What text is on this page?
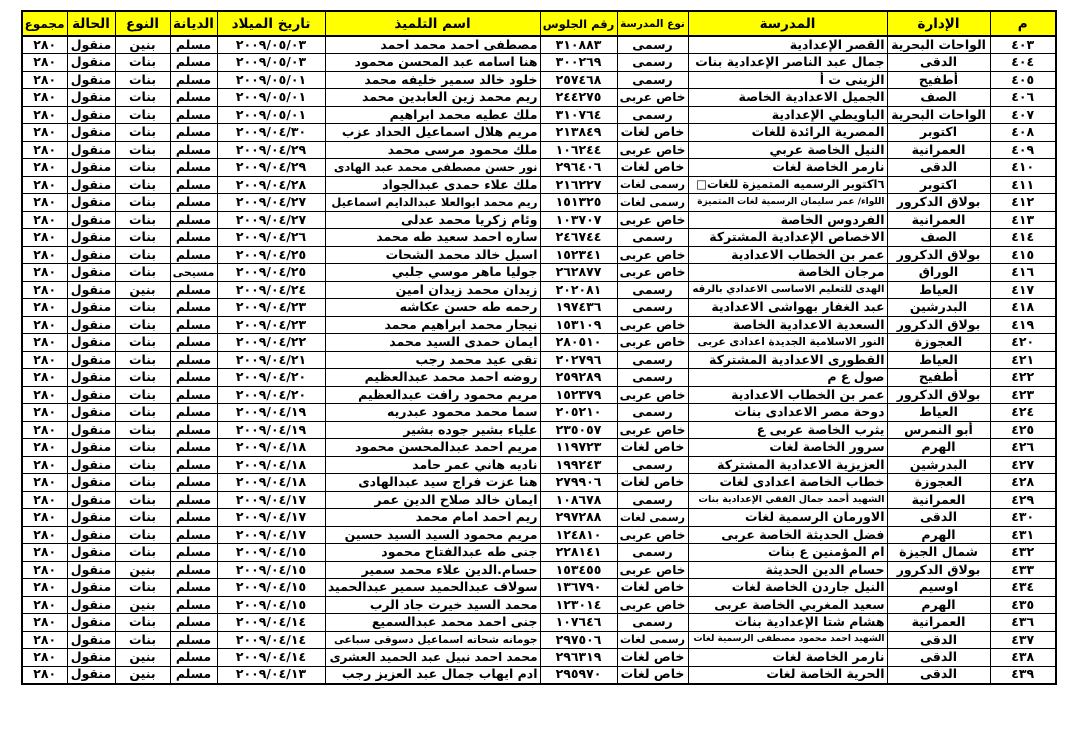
م	الإدارة	المدرسة	نوع المدرسة	رقم الجلوس	اسم التلميذ	تاريخ الميلاد	الديانة	النوع	الحالة	مجموع
٤٠٣	الواحات البحرية	القصر الإعدادية	رسمى	٣١٠٨٨٣	مصطفى احمد محمد احمد	٢٠٠٩/٠٥/٠٣	مسلم	بنين	منقول	٢٨٠
٤٠٤	الدقى	جمال عبد الناصر الإعدادية بنات	رسمى	٣٠٠٢٦٩	هنا اسامه عبد المحسن محمود	٢٠٠٩/٠٥/٠٣	مسلم	بنات	منقول	٢٨٠
٤٠٥	أطفيح	الزينى ت أ	رسمى	٢٥٧٤٦٨	خلود خالد سمير خليفه محمد	٢٠٠٩/٠٥/٠١	مسلم	بنات	منقول	٢٨٠
٤٠٦	الصف	الجميل الاعدادية الخاصة	خاص عربى	٢٤٤٢٧٥	ريم محمد زين العابدين محمد	٢٠٠٩/٠٥/٠١	مسلم	بنات	منقول	٢٨٠
٤٠٧	الواحات البحرية	الباويطي الإعدادية	رسمى	٣١٠٧٦٤	ملك عطيه محمد ابراهيم	٢٠٠٩/٠٥/٠١	مسلم	بنات	منقول	٢٨٠
٤٠٨	اكتوبر	المصرية الرائدة للغات	خاص لغات	٢١٣٨٤٩	مريم هلال اسماعيل الحداد عزب	٢٠٠٩/٠٤/٣٠	مسلم	بنات	منقول	٢٨٠
٤٠٩	العمرانية	النيل الخاصة عربي	خاص عربى	١٠٦٢٤٤	ملك محمود مرسى محمد	٢٠٠٩/٠٤/٢٩	مسلم	بنات	منقول	٢٨٠
٤١٠	الدقى	نارمر الخاصة لغات	خاص لغات	٢٩٦٤٠٦	نور حسن مصطفى محمد عبد الهادى	٢٠٠٩/٠٤/٢٩	مسلم	بنات	منقول	٢٨٠
٤١١	اكتوبر	٦اكتوبر الرسميه المتميزة للغات□	رسمى لغات	٢١٦٢٢٧	ملك علاء حمدى عبدالجواد	٢٠٠٩/٠٤/٢٨	مسلم	بنات	منقول	٢٨٠
٤١٢	بولاق الدكرور	اللواء/ عمر سليمان الرسمية لغات المتميزة	رسمى لغات	١٥١٣٢٥	ريم محمد ابوالعلا عبدالدايم اسماعيل	٢٠٠٩/٠٤/٢٧	مسلم	بنات	منقول	٢٨٠
٤١٣	العمرانية	الفردوس الخاصة	خاص عربى	١٠٣٧٠٧	وئام زكريا محمد عدلى	٢٠٠٩/٠٤/٢٧	مسلم	بنات	منقول	٢٨٠
٤١٤	الصف	الاخصاص الإعدادية المشتركة	رسمى	٢٤٦٧٤٤	ساره احمد سعيد طه محمد	٢٠٠٩/٠٤/٢٦	مسلم	بنات	منقول	٢٨٠
٤١٥	بولاق الدكرور	عمر بن الخطاب الاعدادية	خاص عربى	١٥٢٣٤١	اسيل خالد محمد الشحات	٢٠٠٩/٠٤/٢٥	مسلم	بنات	منقول	٢٨٠
٤١٦	الوراق	مرجان الخاصة	خاص عربى	٢٦٢٨٧٧	جوليا ماهر موسي جلبي	٢٠٠٩/٠٤/٢٥	مسيحى	بنات	منقول	٢٨٠
٤١٧	العياط	الهدى للتعليم الاساسى الاعدادي بالرقه	رسمى	٢٠٢٠٨١	زيدان محمد زيدان امين	٢٠٠٩/٠٤/٢٤	مسلم	بنين	منقول	٢٨٠
٤١٨	البدرشين	عبد الغفار بهواشى الاعدادية	رسمى	١٩٧٤٣٦	رحمه طه حسن عكاشه	٢٠٠٩/٠٤/٢٣	مسلم	بنات	منقول	٢٨٠
٤١٩	بولاق الدكرور	السعدية الاعدادية الخاصة	خاص عربى	١٥٣١٠٩	نيجار محمد ابراهيم محمد	٢٠٠٩/٠٤/٢٣	مسلم	بنات	منقول	٢٨٠
٤٢٠	العجوزة	النور الاسلامية الجديدة اعدادى عربى	خاص عربى	٢٨٠٥١٠	ايمان حمدى السيد محمد	٢٠٠٩/٠٤/٢٢	مسلم	بنات	منقول	٢٨٠
٤٢١	العياط	القطورى الاعدادية المشتركة	رسمى	٢٠٢٧٩٦	تقى عيد محمد رجب	٢٠٠٩/٠٤/٢١	مسلم	بنات	منقول	٢٨٠
٤٢٢	أطفيح	صول ع م	رسمى	٢٥٩٢٨٩	روضه احمد محمد عبدالعظيم	٢٠٠٩/٠٤/٢٠	مسلم	بنات	منقول	٢٨٠
٤٢٣	بولاق الدكرور	عمر بن الخطاب الاعدادية	خاص عربى	١٥٢٣٧٩	مريم محمود رافت عبدالعظيم	٢٠٠٩/٠٤/٢٠	مسلم	بنات	منقول	٢٨٠
٤٢٤	العياط	دوحة مصر الاعدادى بنات	رسمى	٢٠٥٢١٠	سما محمد محمود عبدريه	٢٠٠٩/٠٤/١٩	مسلم	بنات	منقول	٢٨٠
٤٢٥	أبو النمرس	يثرب الخاصة عربى ع	خاص عربى	٢٣٥٠٥٧	علياء بشير جوده بشير	٢٠٠٩/٠٤/١٩	مسلم	بنات	منقول	٢٨٠
٤٢٦	الهرم	سرور الخاصة لغات	خاص لغات	١١٩٧٢٣	مريم احمد عبدالمحسن محمود	٢٠٠٩/٠٤/١٨	مسلم	بنات	منقول	٢٨٠
٤٢٧	البدرشين	العزيزية الاعدادية المشتركة	رسمى	١٩٩٢٤٣	ناديه هاني عمر حامد	٢٠٠٩/٠٤/١٨	مسلم	بنات	منقول	٢٨٠
٤٢٨	العجوزة	خطاب الخاصة اعدادى لغات	خاص لغات	٢٧٩٩٠٦	هنا عزت فراج سيد عبدالهادى	٢٠٠٩/٠٤/١٨	مسلم	بنات	منقول	٢٨٠
٤٢٩	العمرانية	الشهيد أحمد جمال الفقي الإعدادية بنات	رسمى	١٠٨٦٧٨	ايمان خالد صلاح الدين عمر	٢٠٠٩/٠٤/١٧	مسلم	بنات	منقول	٢٨٠
٤٣٠	الدقى	الاورمان الرسمية لغات	رسمى لغات	٢٩٧٢٨٨	ريم احمد امام محمد	٢٠٠٩/٠٤/١٧	مسلم	بنات	منقول	٢٨٠
٤٣١	الهرم	فضل الحديثة الخاصة عربى	خاص عربى	١٢٤٨١٠	مريم محمود السيد السيد حسين	٢٠٠٩/٠٤/١٧	مسلم	بنات	منقول	٢٨٠
٤٣٢	شمال الجيزة	ام المؤمنين ع بنات	رسمى	٢٢٨١٤١	جنى طه عبدالفتاح محمود	٢٠٠٩/٠٤/١٥	مسلم	بنات	منقول	٢٨٠
٤٣٣	بولاق الدكرور	حسام الدين الحديثة	خاص عربى	١٥٣٤٥٥	حسام.الدين علاء محمد سمير	٢٠٠٩/٠٤/١٥	مسلم	بنين	منقول	٢٨٠
٤٣٤	اوسيم	النيل جاردن الخاصة لغات	خاص لغات	١٣٦٧٩٠	سولاف عبدالحميد سمير عبدالحميد	٢٠٠٩/٠٤/١٥	مسلم	بنات	منقول	٢٨٠
٤٣٥	الهرم	سعيد المغربي الخاصة عربى	خاص عربى	١٢٣٠١٤	محمد السيد خيرت جاد الرب	٢٠٠٩/٠٤/١٥	مسلم	بنين	منقول	٢٨٠
٤٣٦	العمرانية	هشام شتا الإعدادية بنات	رسمى	١٠٧٦٤٦	جنى احمد محمد عبدالسميع	٢٠٠٩/٠٤/١٤	مسلم	بنات	منقول	٢٨٠
٤٣٧	الدقى	الشهيد احمد محمود مصطفى الرسمية لغات	رسمى لغات	٢٩٧٥٠٦	جومانه شحاته اسماعيل دسوقى سباعى	٢٠٠٩/٠٤/١٤	مسلم	بنات	منقول	٢٨٠
٤٣٨	الدقى	نارمر الخاصة لغات	خاص لغات	٢٩٦٣١٩	محمد احمد نبيل عبد الحميد العشرى	٢٠٠٩/٠٤/١٤	مسلم	بنين	منقول	٢٨٠
٤٣٩	الدقى	الحرية الخاصة لغات	خاص لغات	٢٩٥٩٧٠	ادم ايهاب جمال عبد العزيز رجب	٢٠٠٩/٠٤/١٣	مسلم	بنين	منقول	٢٨٠
